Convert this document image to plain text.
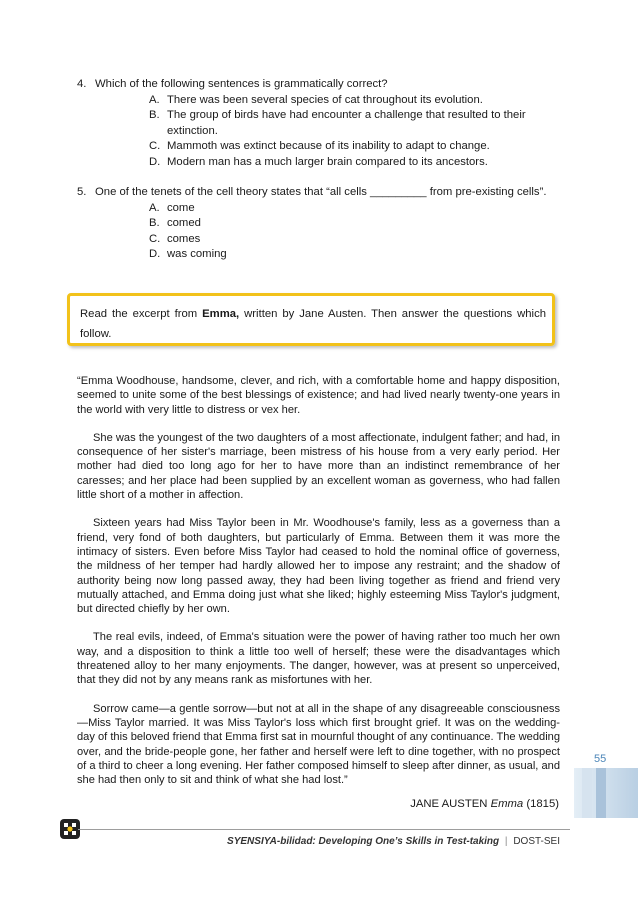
4. Which of the following sentences is grammatically correct?
A. There was been several species of cat throughout its evolution.
B. The group of birds have had encounter a challenge that resulted to their extinction.
C. Mammoth was extinct because of its inability to adapt to change.
D. Modern man has a much larger brain compared to its ancestors.
5. One of the tenets of the cell theory states that “all cells _________ from pre-existing cells”.
A. come
B. comed
C. comes
D. was coming
Read the excerpt from Emma, written by Jane Austen. Then answer the questions which follow.

“Emma Woodhouse, handsome, clever, and rich, with a comfortable home and happy disposition, seemed to unite some of the best blessings of existence; and had lived nearly twenty-one years in the world with very little to distress or vex her.

She was the youngest of the two daughters of a most affectionate, indulgent father; and had, in consequence of her sister's marriage, been mistress of his house from a very early period. Her mother had died too long ago for her to have more than an indistinct remembrance of her caresses; and her place had been supplied by an excellent woman as governess, who had fallen little short of a mother in affection.

Sixteen years had Miss Taylor been in Mr. Woodhouse's family, less as a governess than a friend, very fond of both daughters, but particularly of Emma. Between them it was more the intimacy of sisters. Even before Miss Taylor had ceased to hold the nominal office of governess, the mildness of her temper had hardly allowed her to impose any restraint; and the shadow of authority being now long passed away, they had been living together as friend and friend very mutually attached, and Emma doing just what she liked; highly esteeming Miss Taylor's judgment, but directed chiefly by her own.

The real evils, indeed, of Emma's situation were the power of having rather too much her own way, and a disposition to think a little too well of herself; these were the disadvantages which threatened alloy to her many enjoyments. The danger, however, was at present so unperceived, that they did not by any means rank as misfortunes with her.

Sorrow came—a gentle sorrow—but not at all in the shape of any disagreeable consciousness—Miss Taylor married. It was Miss Taylor's loss which first brought grief. It was on the wedding-day of this beloved friend that Emma first sat in mournful thought of any continuance. The wedding over, and the bride-people gone, her father and herself were left to dine together, with no prospect of a third to cheer a long evening. Her father composed himself to sleep after dinner, as usual, and she had then only to sit and think of what she had lost.”

JANE AUSTEN Emma (1815)
55
SYENSIYA-bilidad: Developing One’s Skills in Test-taking | DOST-SEI
